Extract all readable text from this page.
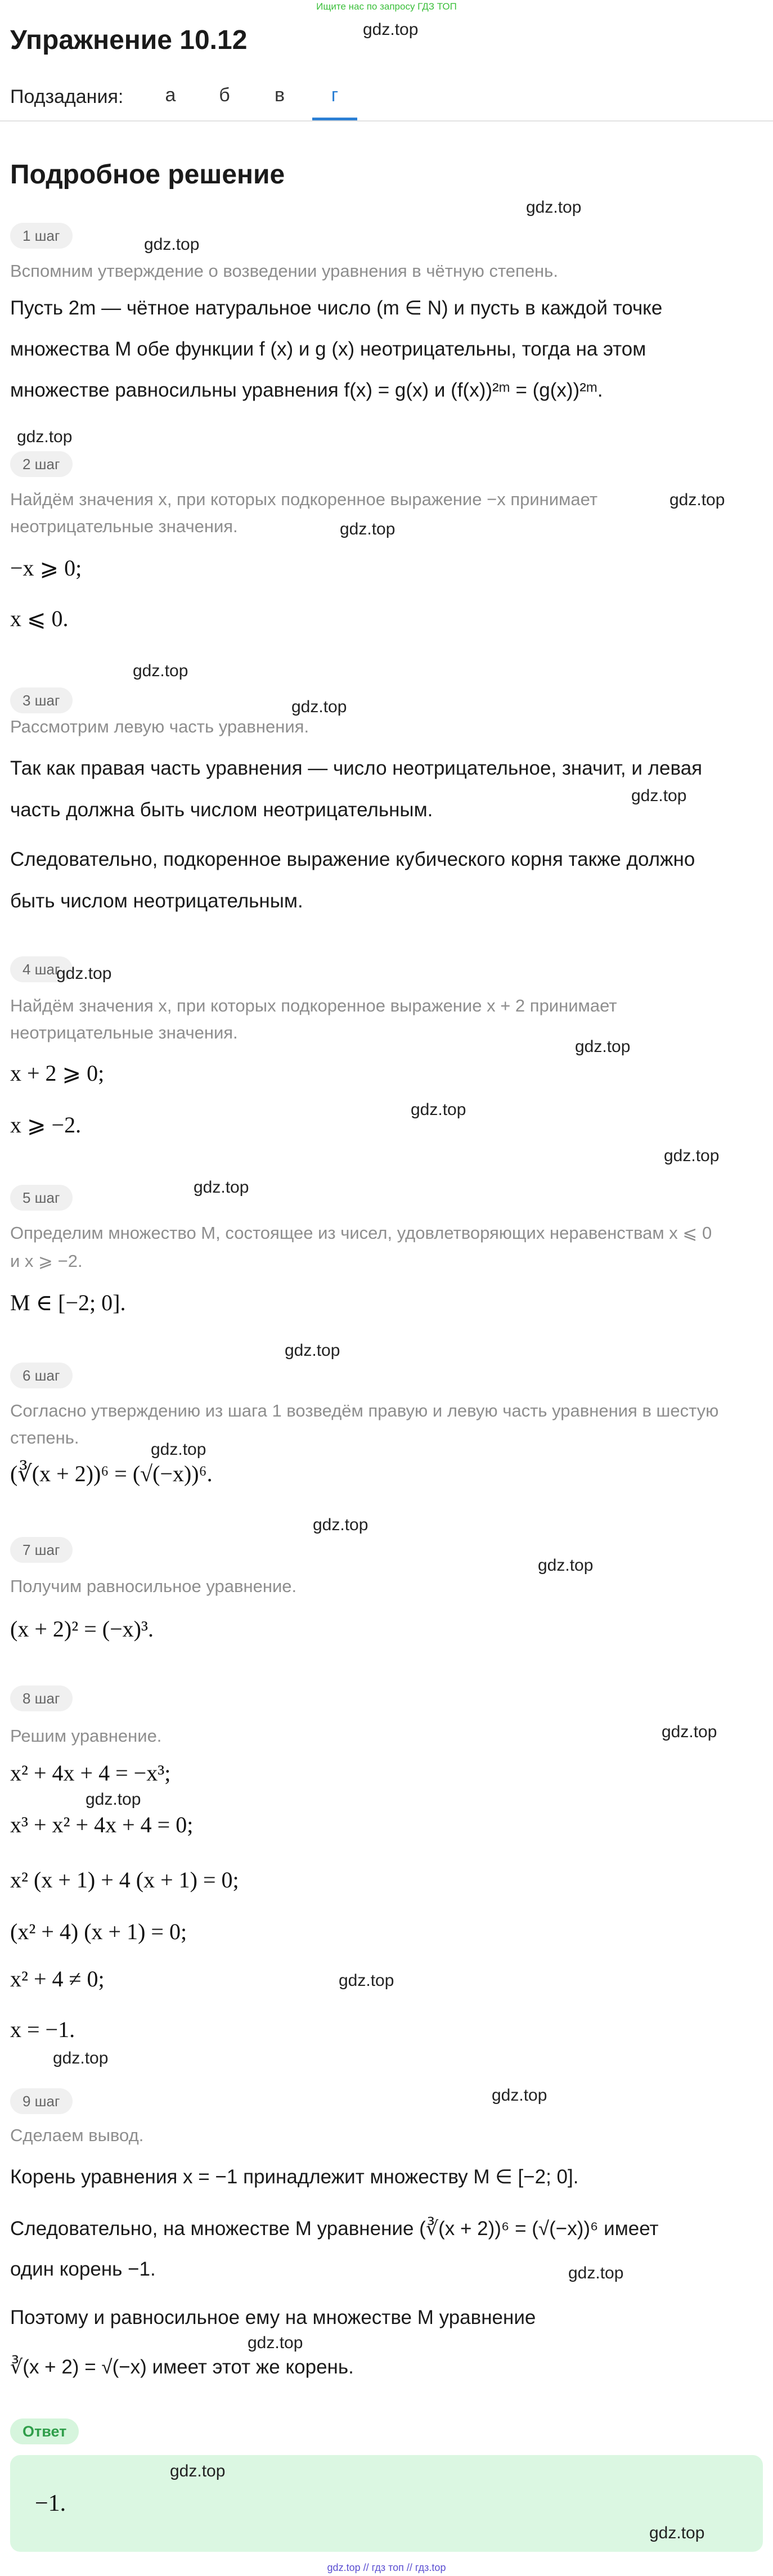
Ищите нас по запросу ГДЗ ТОП
gdz.top
Упражнение 10.12
Подзадания:	а	б	в	г
Подробное решение
gdz.top
1 шаг	gdz.top
Вспомним утверждение о возведении уравнения в чётную степень.
Пусть 2m — чётное натуральное число (m ∈ N) и пусть в каждой точке
множества M обе функции f (x) и g (x) неотрицательны, тогда на этом
множестве равносильны уравнения f(x) = g(x) и (f(x))²ᵐ = (g(x))²ᵐ.
gdz.top
2 шаг
Найдём значения x, при которых подкоренное выражение −x принимает	gdz.top
неотрицательные значения.	gdz.top
−x ⩾ 0;
x ⩽ 0.
gdz.top
3 шаг	gdz.top
Рассмотрим левую часть уравнения.
Так как правая часть уравнения — число неотрицательное, значит, и левая
gdz.top
часть должна быть числом неотрицательным.
Следовательно, подкоренное выражение кубического корня также должно
быть числом неотрицательным.
4 шаг
gdz.top
Найдём значения x, при которых подкоренное выражение x + 2 принимает
неотрицательные значения.
gdz.top
x + 2 ⩾ 0;
gdz.top
x ⩾ −2.
gdz.top
gdz.top
5 шаг
Определим множество M, состоящее из чисел, удовлетворяющих неравенствам x ⩽ 0
и x ⩾ −2.
M ∈ [−2; 0].
gdz.top
6 шаг
Согласно утверждению из шага 1 возведём правую и левую часть уравнения в шестую
степень.
gdz.top
(∛(x + 2))⁶ = (√(−x))⁶.
gdz.top
7 шаг
gdz.top
Получим равносильное уравнение.
(x + 2)² = (−x)³.
8 шаг
gdz.top
Решим уравнение.
x² + 4x + 4 = −x³;
gdz.top
x³ + x² + 4x + 4 = 0;
x² (x + 1) + 4 (x + 1) = 0;
(x² + 4) (x + 1) = 0;
x² + 4 ≠ 0;	gdz.top
x = −1.
gdz.top
9 шаг	gdz.top
Сделаем вывод.
Корень уравнения x = −1 принадлежит множеству M ∈ [−2; 0].
Следовательно, на множестве M уравнение (∛(x + 2))⁶ = (√(−x))⁶ имеет
gdz.top
один корень −1.
Поэтому и равносильное ему на множестве M уравнение
gdz.top
∛(x + 2) = √(−x) имеет этот же корень.
Ответ
gdz.top
−1.
gdz.top
gdz.top // гдз топ // гдз.top
